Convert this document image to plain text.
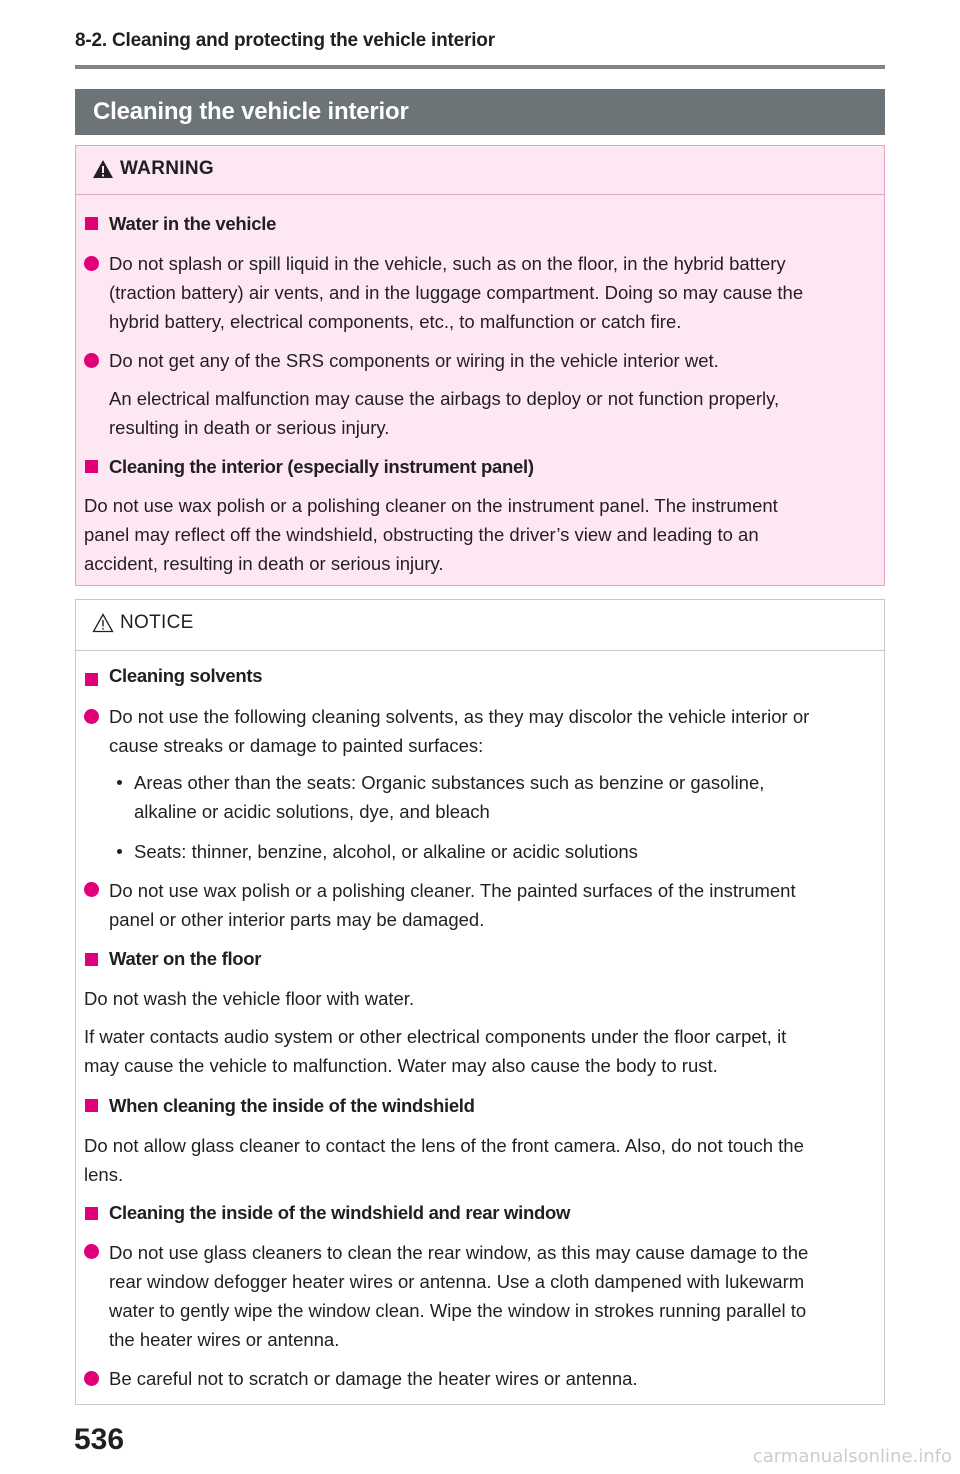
8-2. Cleaning and protecting the vehicle interior
Cleaning the vehicle interior
WARNING
Water in the vehicle
Do not splash or spill liquid in the vehicle, such as on the floor, in the hybrid battery
(traction battery) air vents, and in the luggage compartment. Doing so may cause the
hybrid battery, electrical components, etc., to malfunction or catch fire.
Do not get any of the SRS components or wiring in the vehicle interior wet.
An electrical malfunction may cause the airbags to deploy or not function properly,
resulting in death or serious injury.
Cleaning the interior (especially instrument panel)
Do not use wax polish or a polishing cleaner on the instrument panel. The instrument
panel may reflect off the windshield, obstructing the driver’s view and leading to an
accident, resulting in death or serious injury.
NOTICE
Cleaning solvents
Do not use the following cleaning solvents, as they may discolor the vehicle interior or
cause streaks or damage to painted surfaces:
Areas other than the seats: Organic substances such as benzine or gasoline,
alkaline or acidic solutions, dye, and bleach
Seats: thinner, benzine, alcohol, or alkaline or acidic solutions
Do not use wax polish or a polishing cleaner. The painted surfaces of the instrument
panel or other interior parts may be damaged.
Water on the floor
Do not wash the vehicle floor with water.
If water contacts audio system or other electrical components under the floor carpet, it
may cause the vehicle to malfunction. Water may also cause the body to rust.
When cleaning the inside of the windshield
Do not allow glass cleaner to contact the lens of the front camera. Also, do not touch the
lens.
Cleaning the inside of the windshield and rear window
Do not use glass cleaners to clean the rear window, as this may cause damage to the
rear window defogger heater wires or antenna. Use a cloth dampened with lukewarm
water to gently wipe the window clean. Wipe the window in strokes running parallel to
the heater wires or antenna.
Be careful not to scratch or damage the heater wires or antenna.
536
carmanualsonline.info
